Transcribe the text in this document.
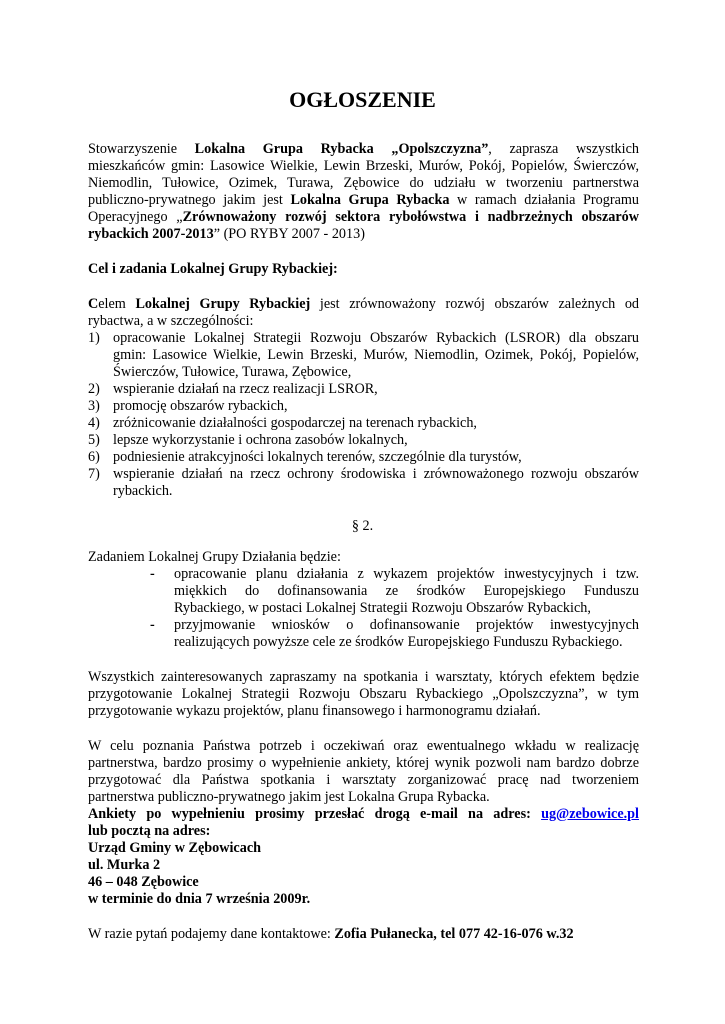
OGŁOSZENIE
Stowarzyszenie Lokalna Grupa Rybacka „Opolszczyzna”, zaprasza wszystkich
mieszkańców gmin: Lasowice Wielkie, Lewin Brzeski, Murów, Pokój, Popielów, Świerczów,
Niemodlin, Tułowice, Ozimek, Turawa, Zębowice do udziału w tworzeniu partnerstwa
publiczno-prywatnego jakim jest Lokalna Grupa Rybacka w ramach działania Programu
Operacyjnego „Zrównoważony rozwój sektora rybołówstwa i nadbrzeżnych obszarów
rybackich 2007-2013” (PO RYBY 2007 - 2013)
Cel i zadania Lokalnej Grupy Rybackiej:
Celem Lokalnej Grupy Rybackiej jest zrównoważony rozwój obszarów zależnych od
rybactwa, a w szczególności:
1) opracowanie Lokalnej Strategii Rozwoju Obszarów Rybackich (LSROR) dla obszaru
gmin: Lasowice Wielkie, Lewin Brzeski, Murów, Niemodlin, Ozimek, Pokój, Popielów,
Świerczów, Tułowice, Turawa, Zębowice,
2) wspieranie działań na rzecz realizacji LSROR,
3) promocję obszarów rybackich,
4) zróżnicowanie działalności gospodarczej na terenach rybackich,
5) lepsze wykorzystanie i ochrona zasobów lokalnych,
6) podniesienie atrakcyjności lokalnych terenów, szczególnie dla turystów,
7) wspieranie działań na rzecz ochrony środowiska i zrównoważonego rozwoju obszarów
rybackich.
§ 2.
Zadaniem Lokalnej Grupy Działania będzie:
- opracowanie planu działania z wykazem projektów inwestycyjnych i tzw.
miękkich do dofinansowania ze środków Europejskiego Funduszu
Rybackiego, w postaci Lokalnej Strategii Rozwoju Obszarów Rybackich,
- przyjmowanie wniosków o dofinansowanie projektów inwestycyjnych
realizujących powyższe cele ze środków Europejskiego Funduszu Rybackiego.
Wszystkich zainteresowanych zapraszamy na spotkania i warsztaty, których efektem będzie
przygotowanie Lokalnej Strategii Rozwoju Obszaru Rybackiego „Opolszczyzna”, w tym
przygotowanie wykazu projektów, planu finansowego i harmonogramu działań.
W celu poznania Państwa potrzeb i oczekiwań oraz ewentualnego wkładu w realizację
partnerstwa, bardzo prosimy o wypełnienie ankiety, której wynik pozwoli nam bardzo dobrze
przygotować dla Państwa spotkania i warsztaty zorganizować pracę nad tworzeniem
partnerstwa publiczno-prywatnego jakim jest Lokalna Grupa Rybacka.
Ankiety po wypełnieniu prosimy przesłać drogą e-mail na adres: ug@zebowice.pl
lub pocztą na adres:
Urząd Gminy w Zębowicach
ul. Murka 2
46 – 048 Zębowice
w terminie do dnia 7 września 2009r.
W razie pytań podajemy dane kontaktowe: Zofia Pułanecka, tel 077 42-16-076 w.32
